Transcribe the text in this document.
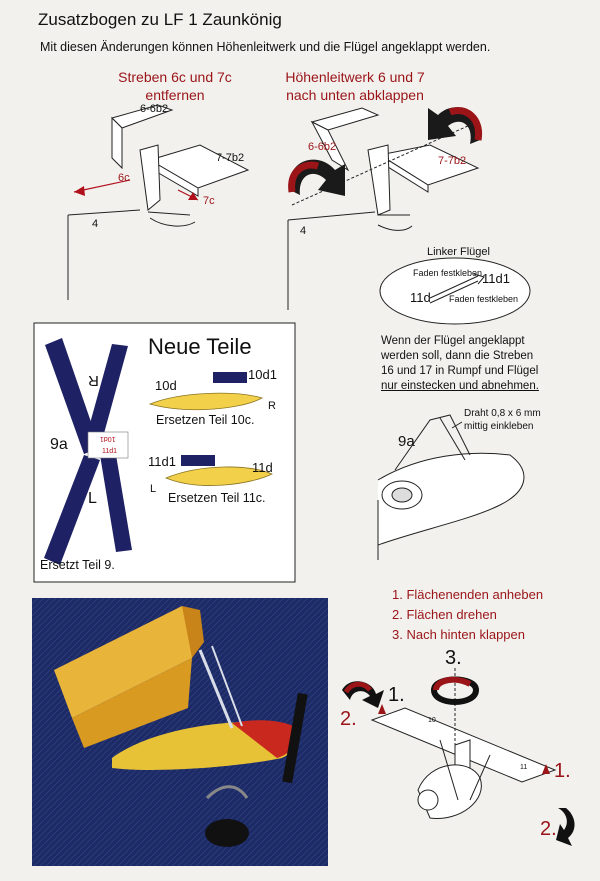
Zusatzbogen zu LF 1 Zaunkönig
Mit diesen Änderungen können Höhenleitwerk und die Flügel angeklappt werden.
Streben 6c und 7c
entfernen
6-6b2
7-7b2
6c
7c
4
Höhenleitwerk 6 und 7
nach unten abklappen
6-6b2
7-7b2
4
Linker Flügel
Faden festkleben 11d1
11d Faden festkleben
Neue Teile
R
L
9a	10d1
11d1
10d
10d1
R
Ersetzen Teil 10c.
11d1	11d
L
Ersetzen Teil 11c.
Ersetzt Teil 9.
Wenn der Flügel angeklappt
werden soll, dann die Streben
16 und 17 in Rumpf und Flügel
nur einstecken und abnehmen.
Draht 0,8 x 6 mm
mittig einkleben
9a
1. Flächenenden anheben
2. Flächen drehen
3. Nach hinten klappen
3.
1.
2.
1.
2.
10
11
